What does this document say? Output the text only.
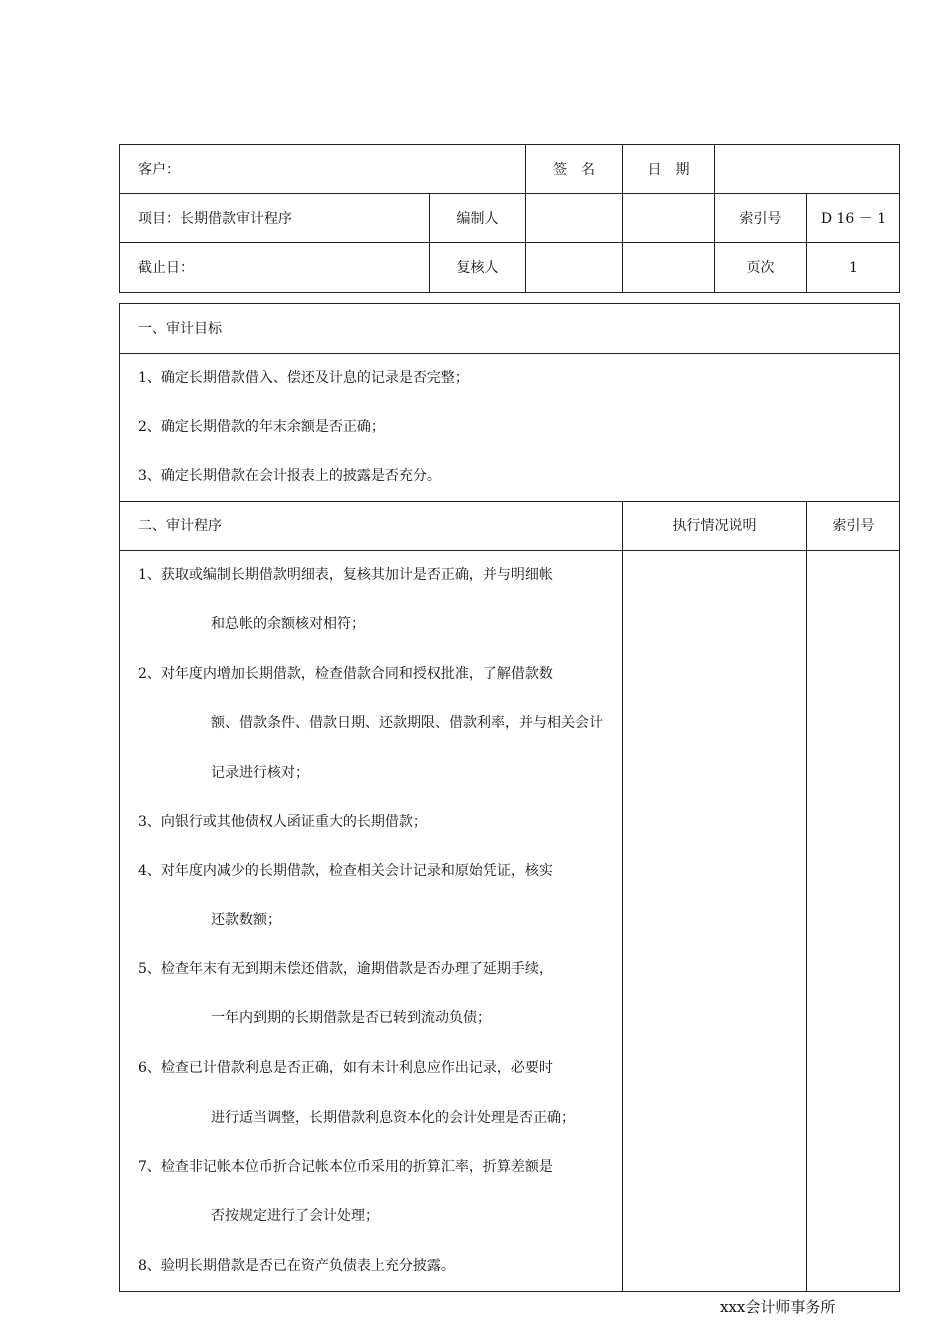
客户：	签　名	日　期
项目：长期借款审计程序	编制人	索引号	D 16 － 1
截止日：	复核人	页次	1
一、审计目标
1、确定长期借款借入、偿还及计息的记录是否完整；
2、确定长期借款的年末余额是否正确；
3、确定长期借款在会计报表上的披露是否充分。
二、审计程序	执行情况说明	索引号
1、获取或编制长期借款明细表，复核其加计是否正确，并与明细帐
和总帐的余额核对相符；
2、对年度内增加长期借款，检查借款合同和授权批准，了解借款数
额、借款条件、借款日期、还款期限、借款利率，并与相关会计
记录进行核对；
3、向银行或其他债权人函证重大的长期借款；
4、对年度内减少的长期借款，检查相关会计记录和原始凭证，核实
还款数额；
5、检查年末有无到期未偿还借款，逾期借款是否办理了延期手续，
一年内到期的长期借款是否已转到流动负债；
6、检查已计借款利息是否正确，如有未计利息应作出记录，必要时
进行适当调整，长期借款利息资本化的会计处理是否正确；
7、检查非记帐本位币折合记帐本位币采用的折算汇率，折算差额是
否按规定进行了会计处理；
8、验明长期借款是否已在资产负债表上充分披露。
xxx会计师事务所
